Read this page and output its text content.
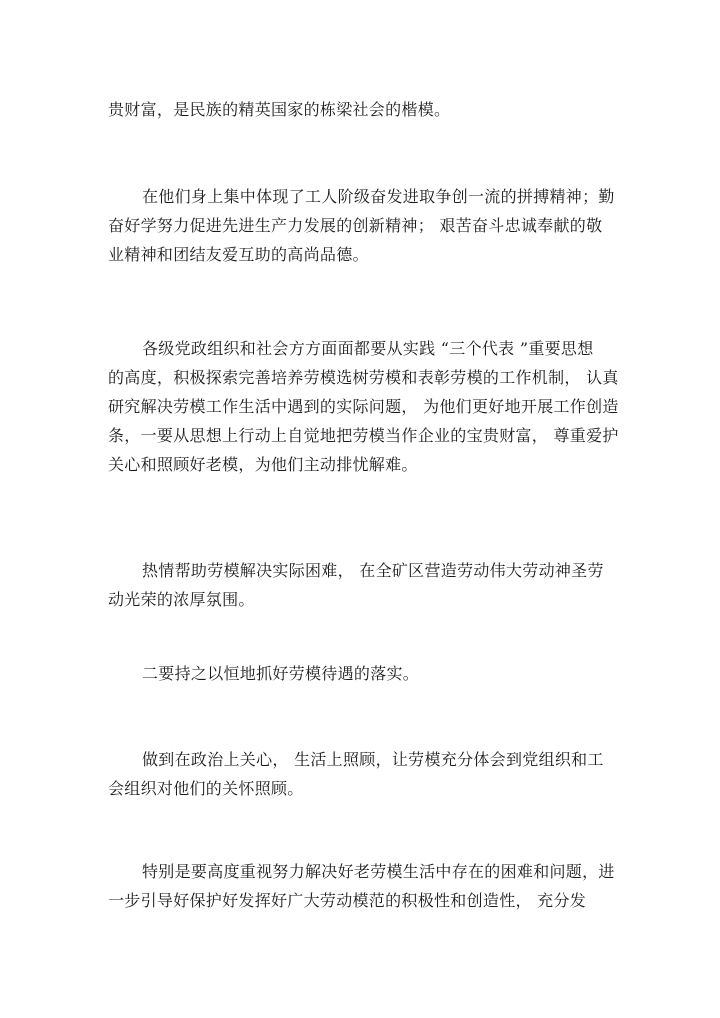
贵财富，是民族的精英国家的栋梁社会的楷模。

在他们身上集中体现了工人阶级奋发进取争创一流的拼搏精神；勤
奋好学努力促进先进生产力发展的创新精神； 艰苦奋斗忠诚奉献的敬
业精神和团结友爱互助的高尚品德。

各级党政组织和社会方方面面都要从实践 “三个代表 ”重要思想
的高度，积极探索完善培养劳模选树劳模和表彰劳模的工作机制， 认真
研究解决劳模工作生活中遇到的实际问题， 为他们更好地开展工作创造
条，一要从思想上行动上自觉地把劳模当作企业的宝贵财富， 尊重爱护
关心和照顾好老模，为他们主动排忧解难。

热情帮助劳模解决实际困难， 在全矿区营造劳动伟大劳动神圣劳
动光荣的浓厚氛围。

二要持之以恒地抓好劳模待遇的落实。

做到在政治上关心， 生活上照顾，让劳模充分体会到党组织和工
会组织对他们的关怀照顾。

特别是要高度重视努力解决好老劳模生活中存在的困难和问题，进
一步引导好保护好发挥好广大劳动模范的积极性和创造性， 充分发
